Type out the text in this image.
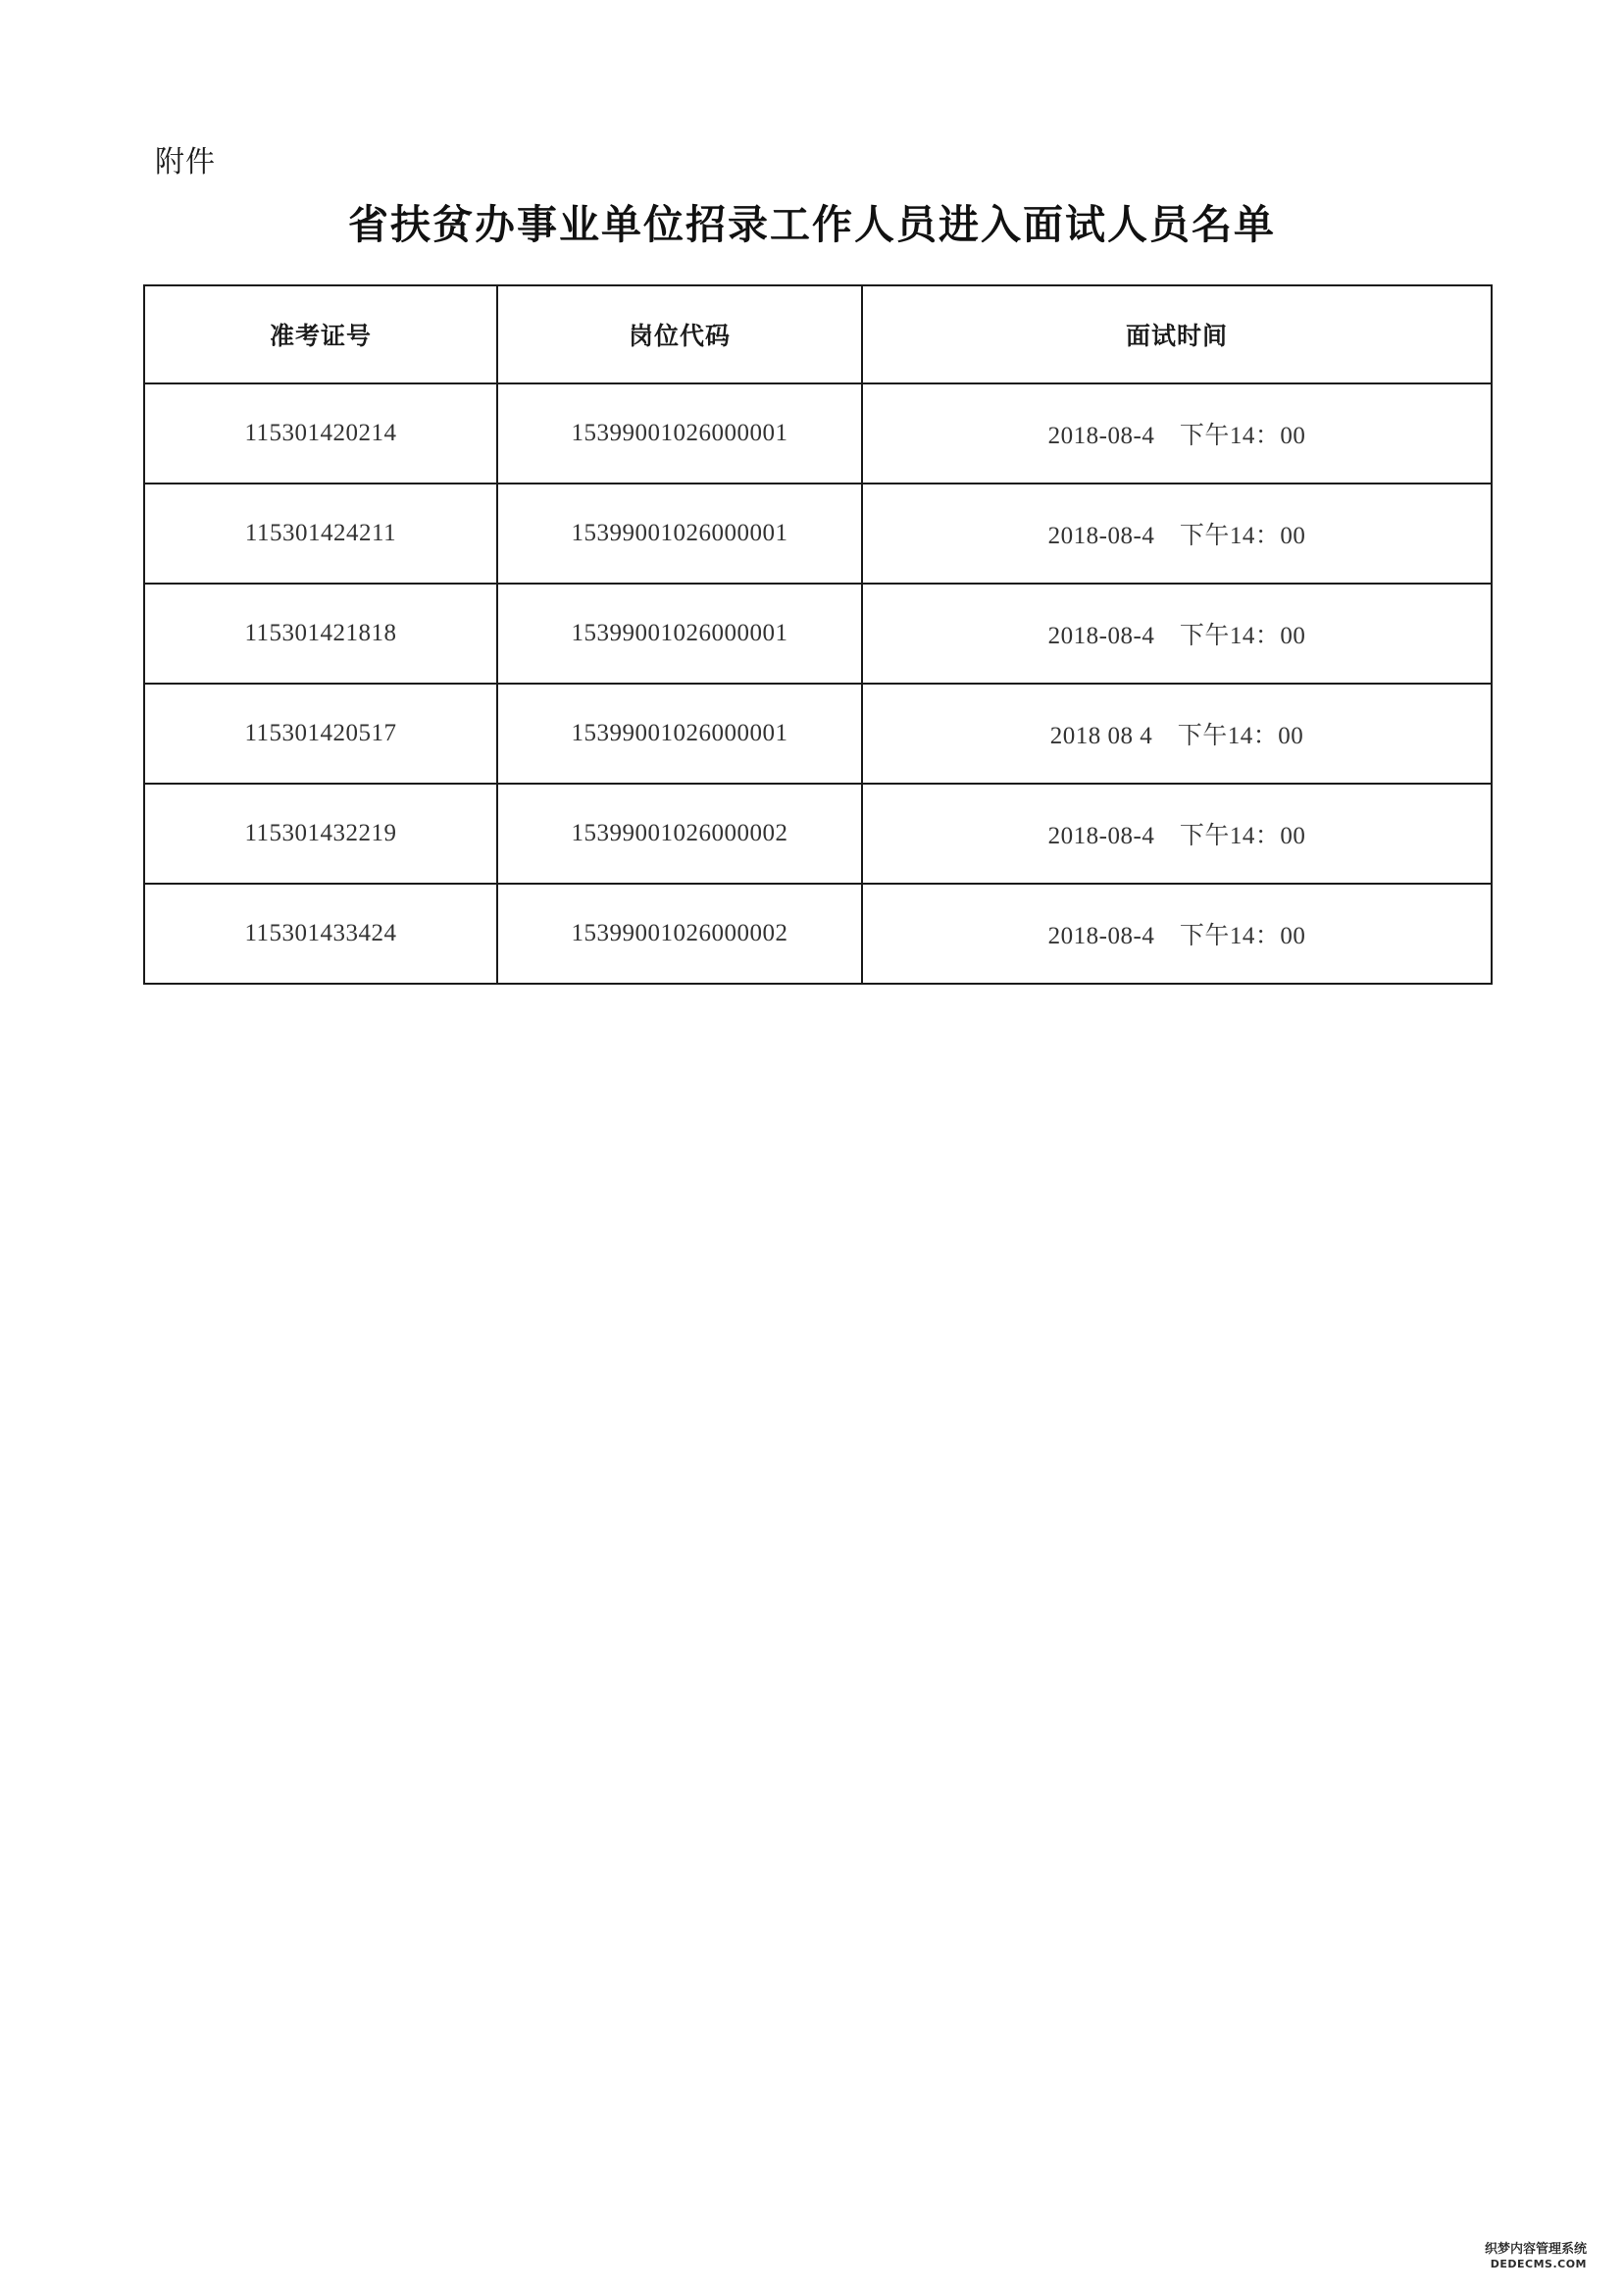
附件
省扶贫办事业单位招录工作人员进入面试人员名单
准考证号	岗位代码	面试时间
115301420214	15399001026000001	2018-08-4　下午14：00
115301424211	15399001026000001	2018-08-4　下午14：00
115301421818	15399001026000001	2018-08-4　下午14：00
115301420517	15399001026000001	2018 08 4　下午14：00
115301432219	15399001026000002	2018-08-4　下午14：00
115301433424	15399001026000002	2018-08-4　下午14：00
织梦内容管理系统
DEDECMS.COM
